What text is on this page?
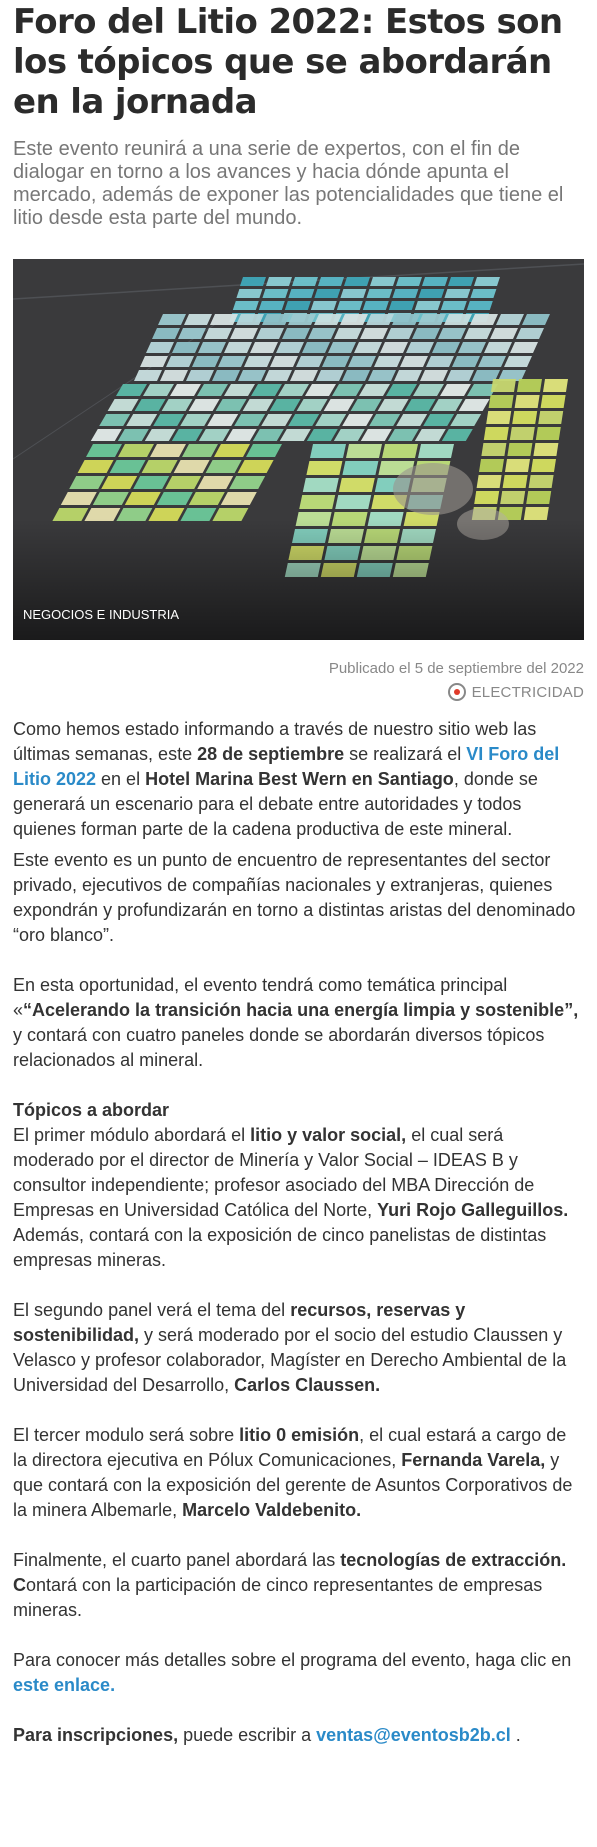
Foro del Litio 2022: Estos son los tópicos que se abordarán en la jornada

Este evento reunirá a una serie de expertos, con el fin de dialogar en torno a los avances y hacia dónde apunta el mercado, además de exponer las potencialidades que tiene el litio desde esta parte del mundo.

NEGOCIOS E INDUSTRIA
Publicado el 5 de septiembre del 2022
ELECTRICIDAD

Como hemos estado informando a través de nuestro sitio web las últimas semanas, este 28 de septiembre se realizará el VI Foro del Litio 2022 en el Hotel Marina Best Wern en Santiago, donde se generará un escenario para el debate entre autoridades y todos quienes forman parte de la cadena productiva de este mineral.

Este evento es un punto de encuentro de representantes del sector privado, ejecutivos de compañías nacionales y extranjeras, quienes expondrán y profundizarán en torno a distintas aristas del denominado “oro blanco”.

En esta oportunidad, el evento tendrá como temática principal «“Acelerando la transición hacia una energía limpia y sostenible”, y contará con cuatro paneles donde se abordarán diversos tópicos relacionados al mineral.

Tópicos a abordar

El primer módulo abordará el litio y valor social, el cual será moderado por el director de Minería y Valor Social – IDEAS B y consultor independiente; profesor asociado del MBA Dirección de Empresas en Universidad Católica del Norte, Yuri Rojo Galleguillos. Además, contará con la exposición de cinco panelistas de distintas empresas mineras.

El segundo panel verá el tema del recursos, reservas y sostenibilidad, y será moderado por el socio del estudio Claussen y Velasco y profesor colaborador, Magíster en Derecho Ambiental de la Universidad del Desarrollo, Carlos Claussen.

El tercer modulo será sobre litio 0 emisión, el cual estará a cargo de la directora ejecutiva en Pólux Comunicaciones, Fernanda Varela, y que contará con la exposición del gerente de Asuntos Corporativos de la minera Albemarle, Marcelo Valdebenito.

Finalmente, el cuarto panel abordará las tecnologías de extracción. Contará con la participación de cinco representantes de empresas mineras.

Para conocer más detalles sobre el programa del evento, haga clic en este enlace.

Para inscripciones, puede escribir a ventas@eventosb2b.cl .
